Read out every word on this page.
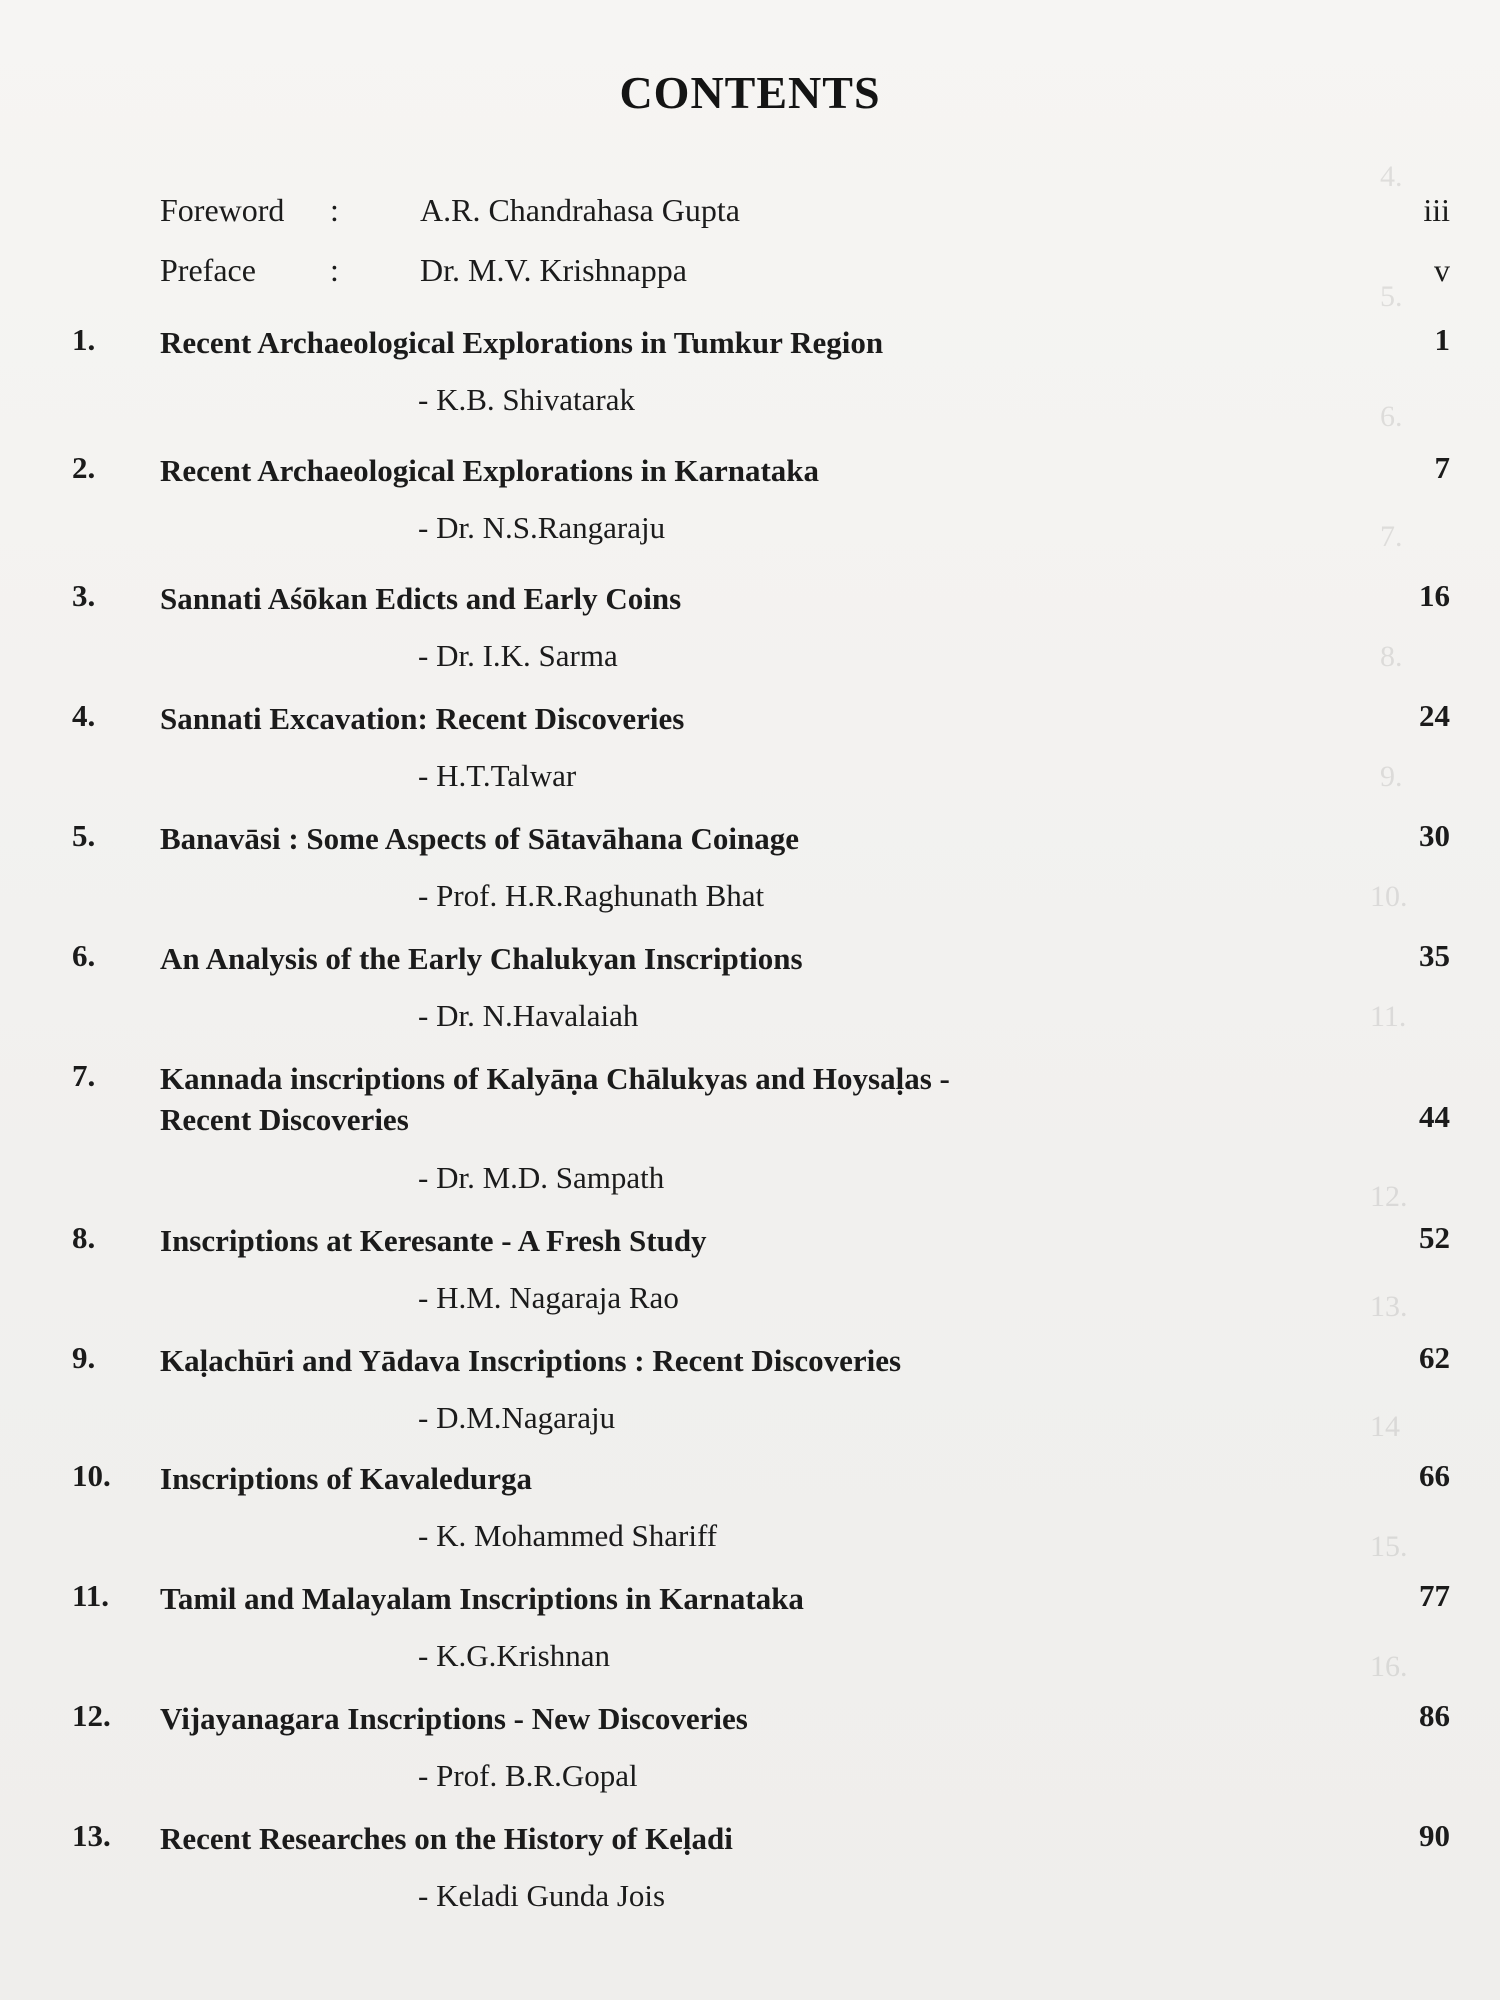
4.
5.
6.
7.
8.
9.
10.
11.
12.
13.
14
15.
16.
CONTENTS
Foreword :	A.R. Chandrahasa Gupta	iii
Preface :	Dr. M.V. Krishnappa	v
1. Recent Archaeological Explorations in Tumkur Region	1
- K.B. Shivatarak
2. Recent Archaeological Explorations in Karnataka	7
- Dr. N.S.Rangaraju
3. Sannati Aśōkan Edicts and Early Coins	16
- Dr. I.K. Sarma
4. Sannati Excavation: Recent Discoveries	24
- H.T.Talwar
5. Banavāsi : Some Aspects of Sātavāhana Coinage	30
- Prof. H.R.Raghunath Bhat
6. An Analysis of the Early Chalukyan Inscriptions	35
- Dr. N.Havalaiah
7. Kannada inscriptions of Kalyāṇa Chālukyas and Hoysaḷas -
Recent Discoveries	44
- Dr. M.D. Sampath
8. Inscriptions at Keresante - A Fresh Study	52
- H.M. Nagaraja Rao
9. Kaḷachūri and Yādava Inscriptions : Recent Discoveries	62
- D.M.Nagaraju
10. Inscriptions of Kavaledurga	66
- K. Mohammed Shariff
11. Tamil and Malayalam Inscriptions in Karnataka	77
- K.G.Krishnan
12. Vijayanagara Inscriptions - New Discoveries	86
- Prof. B.R.Gopal
13. Recent Researches on the History of Keḷadi	90
- Keladi Gunda Jois
